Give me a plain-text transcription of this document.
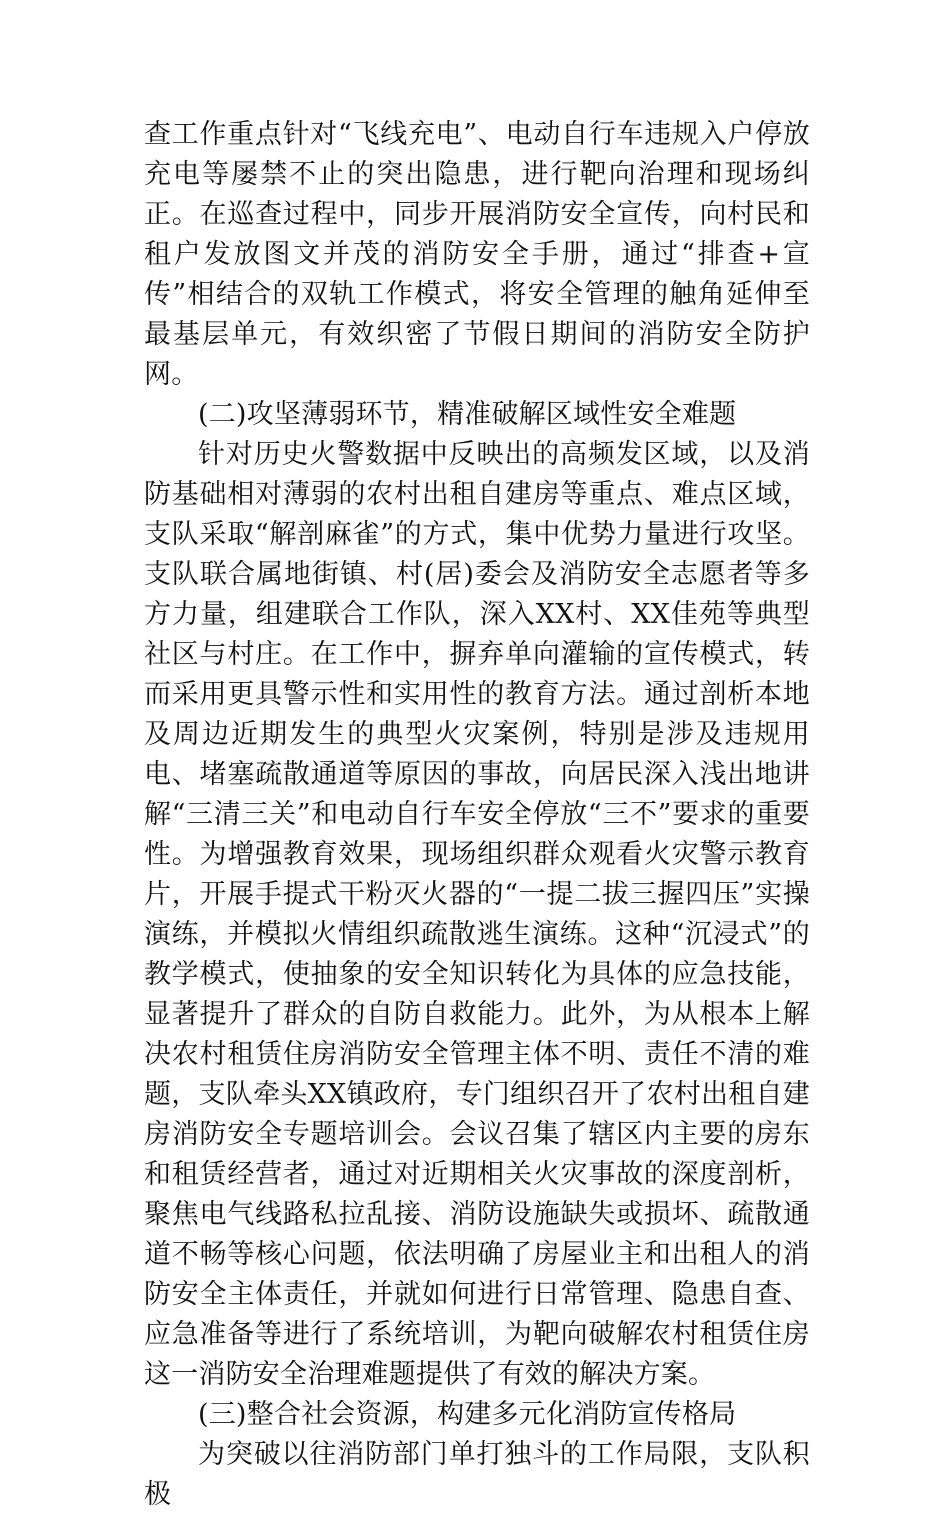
查工作重点针对“飞线充电”、电动自行车违规入户停放充电等屡禁不止的突出隐患，进行靶向治理和现场纠正。在巡查过程中，同步开展消防安全宣传，向村民和租户发放图文并茂的消防安全手册，通过“排查+宣传”相结合的双轨工作模式，将安全管理的触角延伸至最基层单元，有效织密了节假日期间的消防安全防护网。

(二)攻坚薄弱环节，精准破解区域性安全难题

针对历史火警数据中反映出的高频发区域，以及消防基础相对薄弱的农村出租自建房等重点、难点区域，支队采取“解剖麻雀”的方式，集中优势力量进行攻坚。支队联合属地街镇、村(居)委会及消防安全志愿者等多方力量，组建联合工作队，深入XX村、XX佳苑等典型社区与村庄。在工作中，摒弃单向灌输的宣传模式，转而采用更具警示性和实用性的教育方法。通过剖析本地及周边近期发生的典型火灾案例，特别是涉及违规用电、堵塞疏散通道等原因的事故，向居民深入浅出地讲解“三清三关”和电动自行车安全停放“三不”要求的重要性。为增强教育效果，现场组织群众观看火灾警示教育片，开展手提式干粉灭火器的“一提二拔三握四压”实操演练，并模拟火情组织疏散逃生演练。这种“沉浸式”的教学模式，使抽象的安全知识转化为具体的应急技能，显著提升了群众的自防自救能力。此外，为从根本上解决农村租赁住房消防安全管理主体不明、责任不清的难题，支队牵头XX镇政府，专门组织召开了农村出租自建房消防安全专题培训会。会议召集了辖区内主要的房东和租赁经营者，通过对近期相关火灾事故的深度剖析，聚焦电气线路私拉乱接、消防设施缺失或损坏、疏散通道不畅等核心问题，依法明确了房屋业主和出租人的消防安全主体责任，并就如何进行日常管理、隐患自查、应急准备等进行了系统培训，为靶向破解农村租赁住房这一消防安全治理难题提供了有效的解决方案。

(三)整合社会资源，构建多元化消防宣传格局

为突破以往消防部门单打独斗的工作局限，支队积极
